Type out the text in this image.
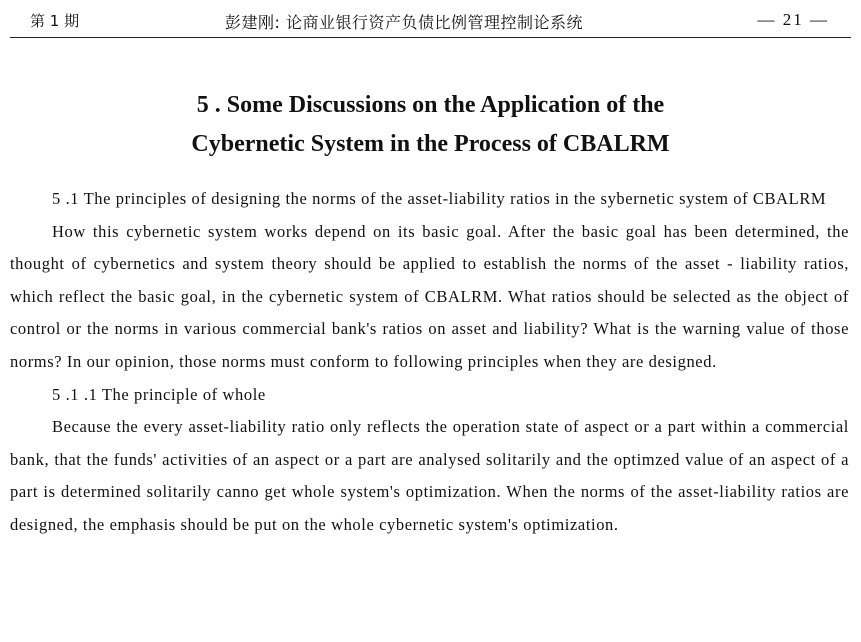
第 1 期	彭建刚: 论商业银行资产负债比例管理控制论系统	— 21 —
5 . Some Discussions on the Application of the
Cybernetic System in the Process of CBALRM

5 .1 The principles of designing the norms of the asset-liability ratios in the sybernetic system of CBALRM

How this cybernetic system works depend on its basic goal. After the basic goal has been determined, the thought of cybernetics and system theory should be applied to establish the norms of the asset - liability ratios, which reflect the basic goal, in the cybernetic system of CBALRM. What ratios should be selected as the object of control or the norms in various commercial bank's ratios on asset and liability? What is the warning value of those norms? In our opinion, those norms must conform to following principles when they are designed.

5 .1 .1 The principle of whole

Because the every asset-liability ratio only reflects the operation state of aspect or a part within a commercial bank, that the funds' activities of an aspect or a part are analysed solitarily and the optimzed value of an aspect of a part is determined solitarily canno get whole system's optimization. When the norms of the asset-liability ratios are designed, the emphasis should be put on the whole cybernetic system's optimization.
